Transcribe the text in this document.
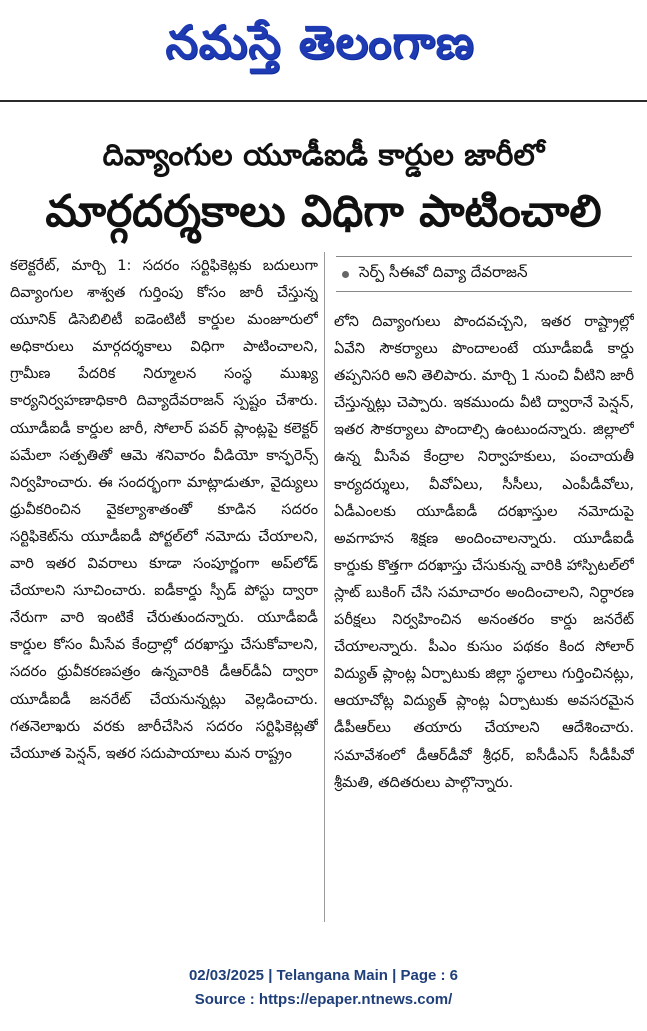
నమస్తే తెలంగాణ
దివ్యాంగుల యూడీఐడీ కార్డుల జారీలో
మార్గదర్శకాలు విధిగా పాటించాలి
కలెక్టరేట్, మార్చి 1: సదరం సర్టిఫికెట్లకు బదులుగా దివ్యాంగుల శాశ్వత గుర్తింపు కోసం జారీ చేస్తున్న యూనిక్ డిసెబిలిటీ ఐడెంటిటీ కార్డుల మంజూరులో అధికారులు మార్గదర్శకాలు విధిగా పాటించాలని, గ్రామీణ పేదరిక నిర్మూలన సంస్థ ముఖ్య కార్యనిర్వహణాధికారి దివ్యాదేవరాజన్ స్పష్టం చేశారు. యూడీఐడీ కార్డుల జారీ, సోలార్ పవర్ ప్లాంట్లపై కలెక్టర్ పమేలా సత్పతితో ఆమె శనివారం వీడియో కాన్ఫరెన్స్ నిర్వహించారు. ఈ సందర్భంగా మాట్లాడుతూ, వైద్యులు ధ్రువీకరించిన వైకల్యాశాతంతో కూడిన సదరం సర్టిఫికెట్‌ను యూడీఐడీ పోర్టల్‌లో నమోదు చేయాలని, వారి ఇతర వివరాలు కూడా సంపూర్ణంగా అప్‌లోడ్ చేయాలని సూచించారు. ఐడీకార్డు స్పీడ్ పోస్టు ద్వారా నేరుగా వారి ఇంటికే చేరుతుందన్నారు. యూడీఐడీ కార్డుల కోసం మీసేవ కేంద్రాల్లో దరఖాస్తు చేసుకోవాలని, సదరం ధ్రువీకరణపత్రం ఉన్నవారికి డీఆర్‌డీఏ ద్వారా యూడీఐడీ జనరేట్ చేయనున్నట్లు వెల్లడించారు. గతనెలాఖరు వరకు జారీచేసిన సదరం సర్టిఫికెట్లతో చేయూత పెన్షన్, ఇతర సదుపాయాలు మన రాష్ట్రం
సెర్ప్ సీఈవో దివ్యా దేవరాజన్
లోని దివ్యాంగులు పొందవచ్చని, ఇతర రాష్ట్రాల్లో ఏవేని సౌకర్యాలు పొందాలంటే యూడీఐడీ కార్డు తప్పనిసరి అని తెలిపారు. మార్చి 1 నుంచి వీటిని జారీ చేస్తున్నట్లు చెప్పారు. ఇకముందు వీటి ద్వారానే పెన్షన్, ఇతర సౌకర్యాలు పొందాల్సి ఉంటుందన్నారు. జిల్లాలో ఉన్న మీసేవ కేంద్రాల నిర్వాహకులు, పంచాయతీ కార్యదర్శులు, వీవోఏలు, సీసీలు, ఎంపీడీవోలు, ఏడీఎంలకు యూడీఐడీ దరఖాస్తుల నమోదుపై అవగాహన శిక్షణ అందించాలన్నారు. యూడీఐడీ కార్డుకు కొత్తగా దరఖాస్తు చేసుకున్న వారికి హాస్పిటల్‌లో స్లాట్ బుకింగ్ చేసి సమాచారం అందించాలని, నిర్ధారణ పరీక్షలు నిర్వహించిన అనంతరం కార్డు జనరేట్ చేయాలన్నారు. పీఎం కుసుం పథకం కింద సోలార్ విద్యుత్ ప్లాంట్ల ఏర్పాటుకు జిల్లా స్థలాలు గుర్తించినట్లు, ఆయాచోట్ల విద్యుత్ ప్లాంట్ల ఏర్పాటుకు అవసరమైన డీపీఆర్‌లు తయారు చేయాలని ఆదేశించారు. సమావేశంలో డీఆర్‌డీవో శ్రీధర్, ఐసీడీఎస్ సీడీపీవో శ్రీమతి, తదితరులు పాల్గొన్నారు.
02/03/2025 | Telangana Main | Page : 6
Source : https://epaper.ntnews.com/
